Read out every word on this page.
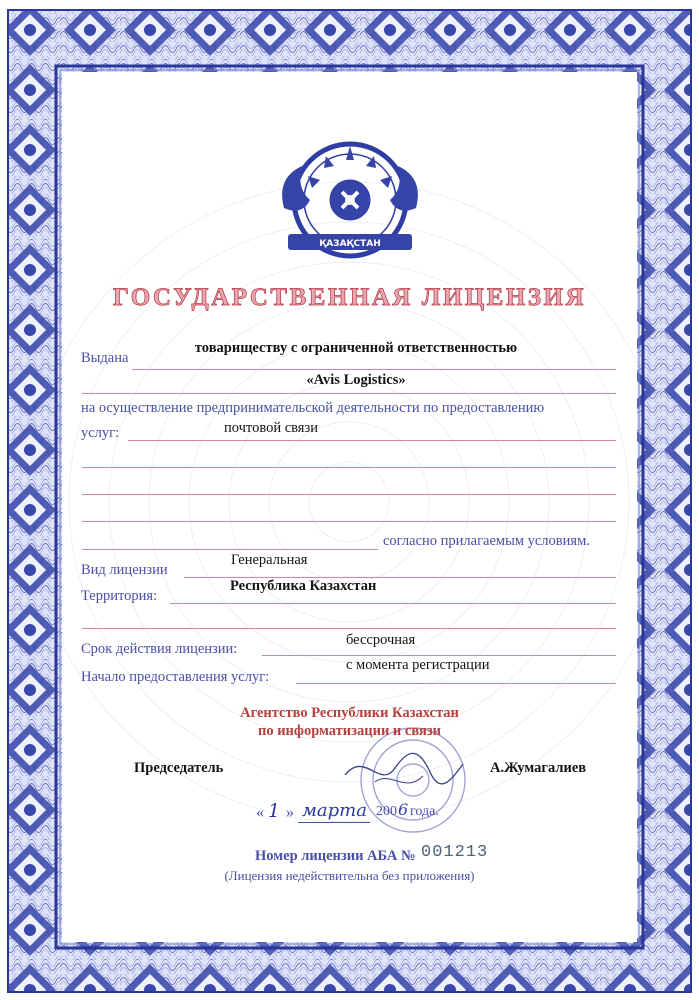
ҚАЗАҚСТАН
ГОСУДАРСТВЕННАЯ ЛИЦЕНЗИЯ
Выдана
товариществу с ограниченной ответственностью
«Avis Logistics»
на осуществление предпринимательской деятельности по предоставлению
услуг:	почтовой связи
согласно прилагаемым условиям.
Вид лицензии
Генеральная
Территория:
Республика Казахстан
Срок действия лицензии:
бессрочная
Начало предоставления услуг:
с момента регистрации
Агентство Республики Казахстан
по информатизации и связи
Председатель	А.Жумагалиев
« 1 » марта 200 6 года.
Номер лицензии АБА № 001213
(Лицензия недействительна без приложения)
